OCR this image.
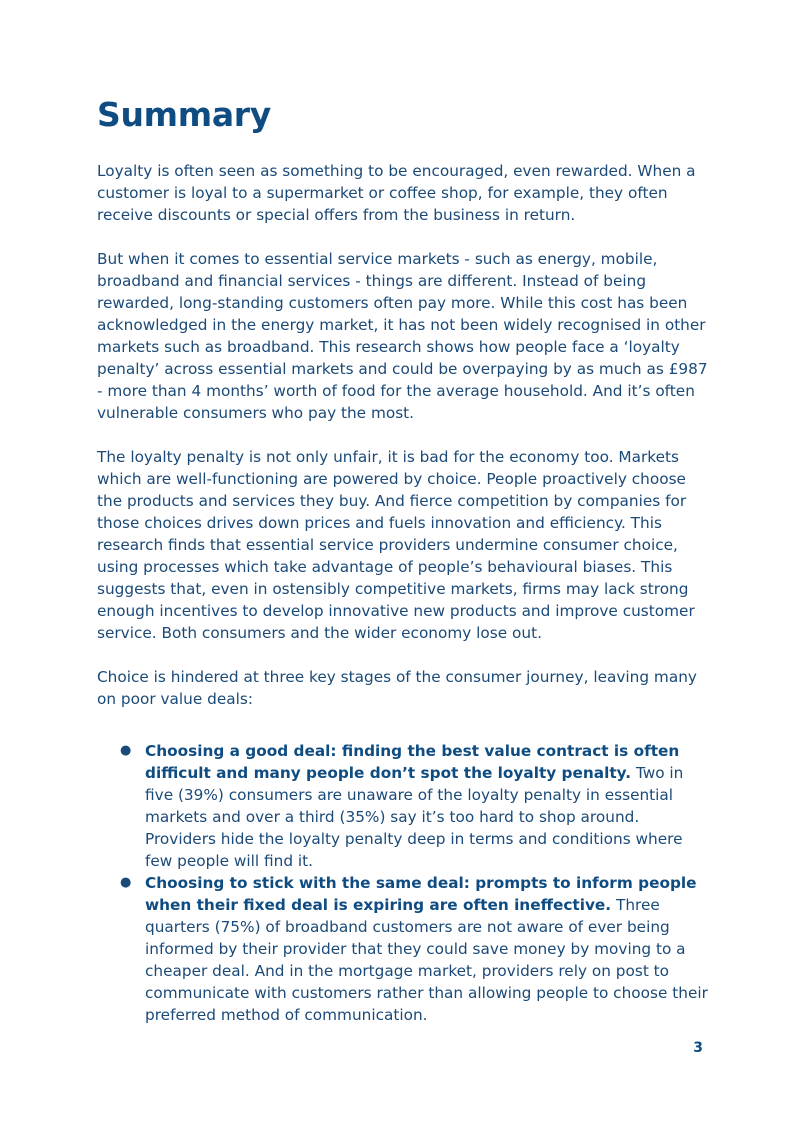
Summary

Loyalty is often seen as something to be encouraged, even rewarded. When a customer is loyal to a supermarket or coffee shop, for example, they often receive discounts or special offers from the business in return.

But when it comes to essential service markets - such as energy, mobile, broadband and financial services - things are different. Instead of being rewarded, long-standing customers often pay more. While this cost has been acknowledged in the energy market, it has not been widely recognised in other markets such as broadband. This research shows how people face a ‘loyalty penalty’ across essential markets and could be overpaying by as much as £987 - more than 4 months’ worth of food for the average household. And it’s often vulnerable consumers who pay the most.

The loyalty penalty is not only unfair, it is bad for the economy too. Markets which are well-functioning are powered by choice. People proactively choose the products and services they buy. And fierce competition by companies for those choices drives down prices and fuels innovation and efficiency. This research finds that essential service providers undermine consumer choice, using processes which take advantage of people’s behavioural biases. This suggests that, even in ostensibly competitive markets, firms may lack strong enough incentives to develop innovative new products and improve customer service. Both consumers and the wider economy lose out.

Choice is hindered at three key stages of the consumer journey, leaving many on poor value deals:

● Choosing a good deal: finding the best value contract is often difficult and many people don’t spot the loyalty penalty. Two in five (39%) consumers are unaware of the loyalty penalty in essential markets and over a third (35%) say it’s too hard to shop around. Providers hide the loyalty penalty deep in terms and conditions where few people will find it.
● Choosing to stick with the same deal: prompts to inform people when their fixed deal is expiring are often ineffective. Three quarters (75%) of broadband customers are not aware of ever being informed by their provider that they could save money by moving to a cheaper deal. And in the mortgage market, providers rely on post to communicate with customers rather than allowing people to choose their preferred method of communication.
3
